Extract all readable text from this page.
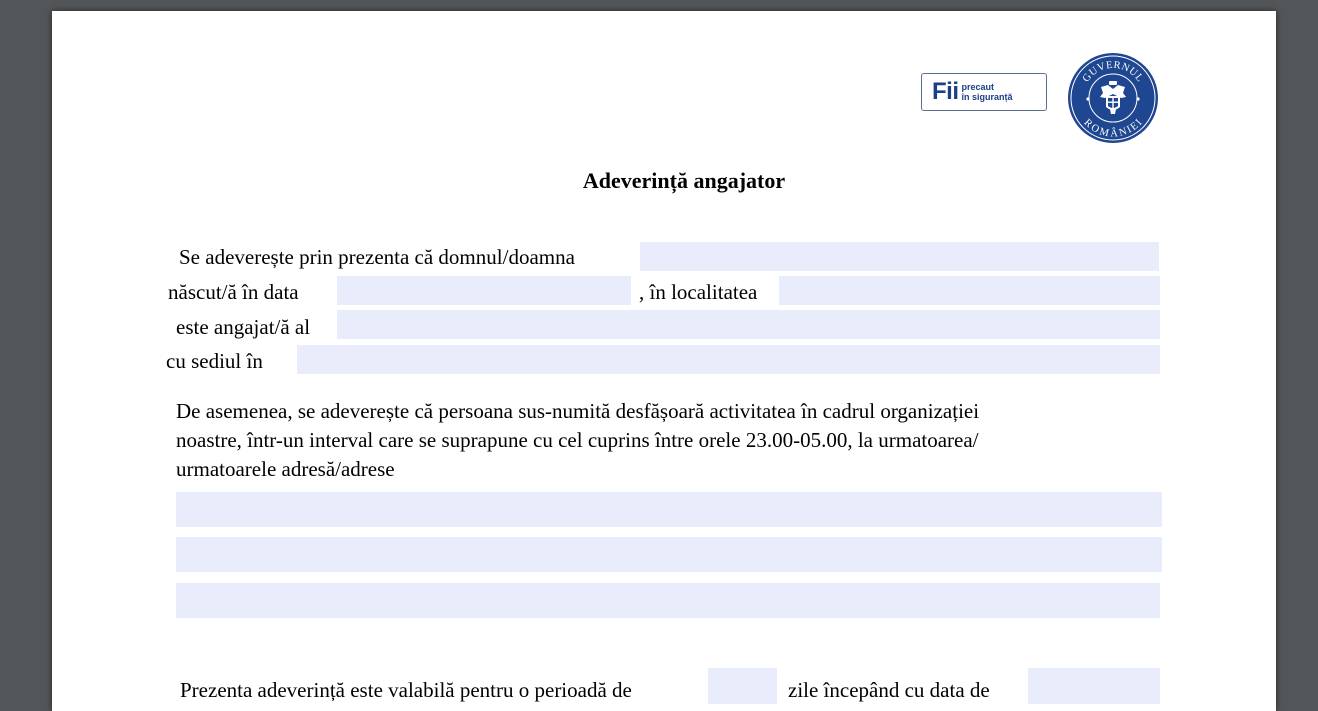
Fii precaut
în siguranță
GUVERNUL
ROMÂNIEI
Adeverință angajator
Se adeverește prin prezenta că domnul/doamna
născut/ă în data	, în localitatea
este angajat/ă al
cu sediul în
De asemenea, se adeverește că persoana sus-numită desfășoară activitatea în cadrul organizației
noastre, într-un interval care se suprapune cu cel cuprins între orele 23.00-05.00, la urmatoarea/
urmatoarele adresă/adrese
Prezenta adeverință este valabilă pentru o perioadă de	zile începând cu data de
